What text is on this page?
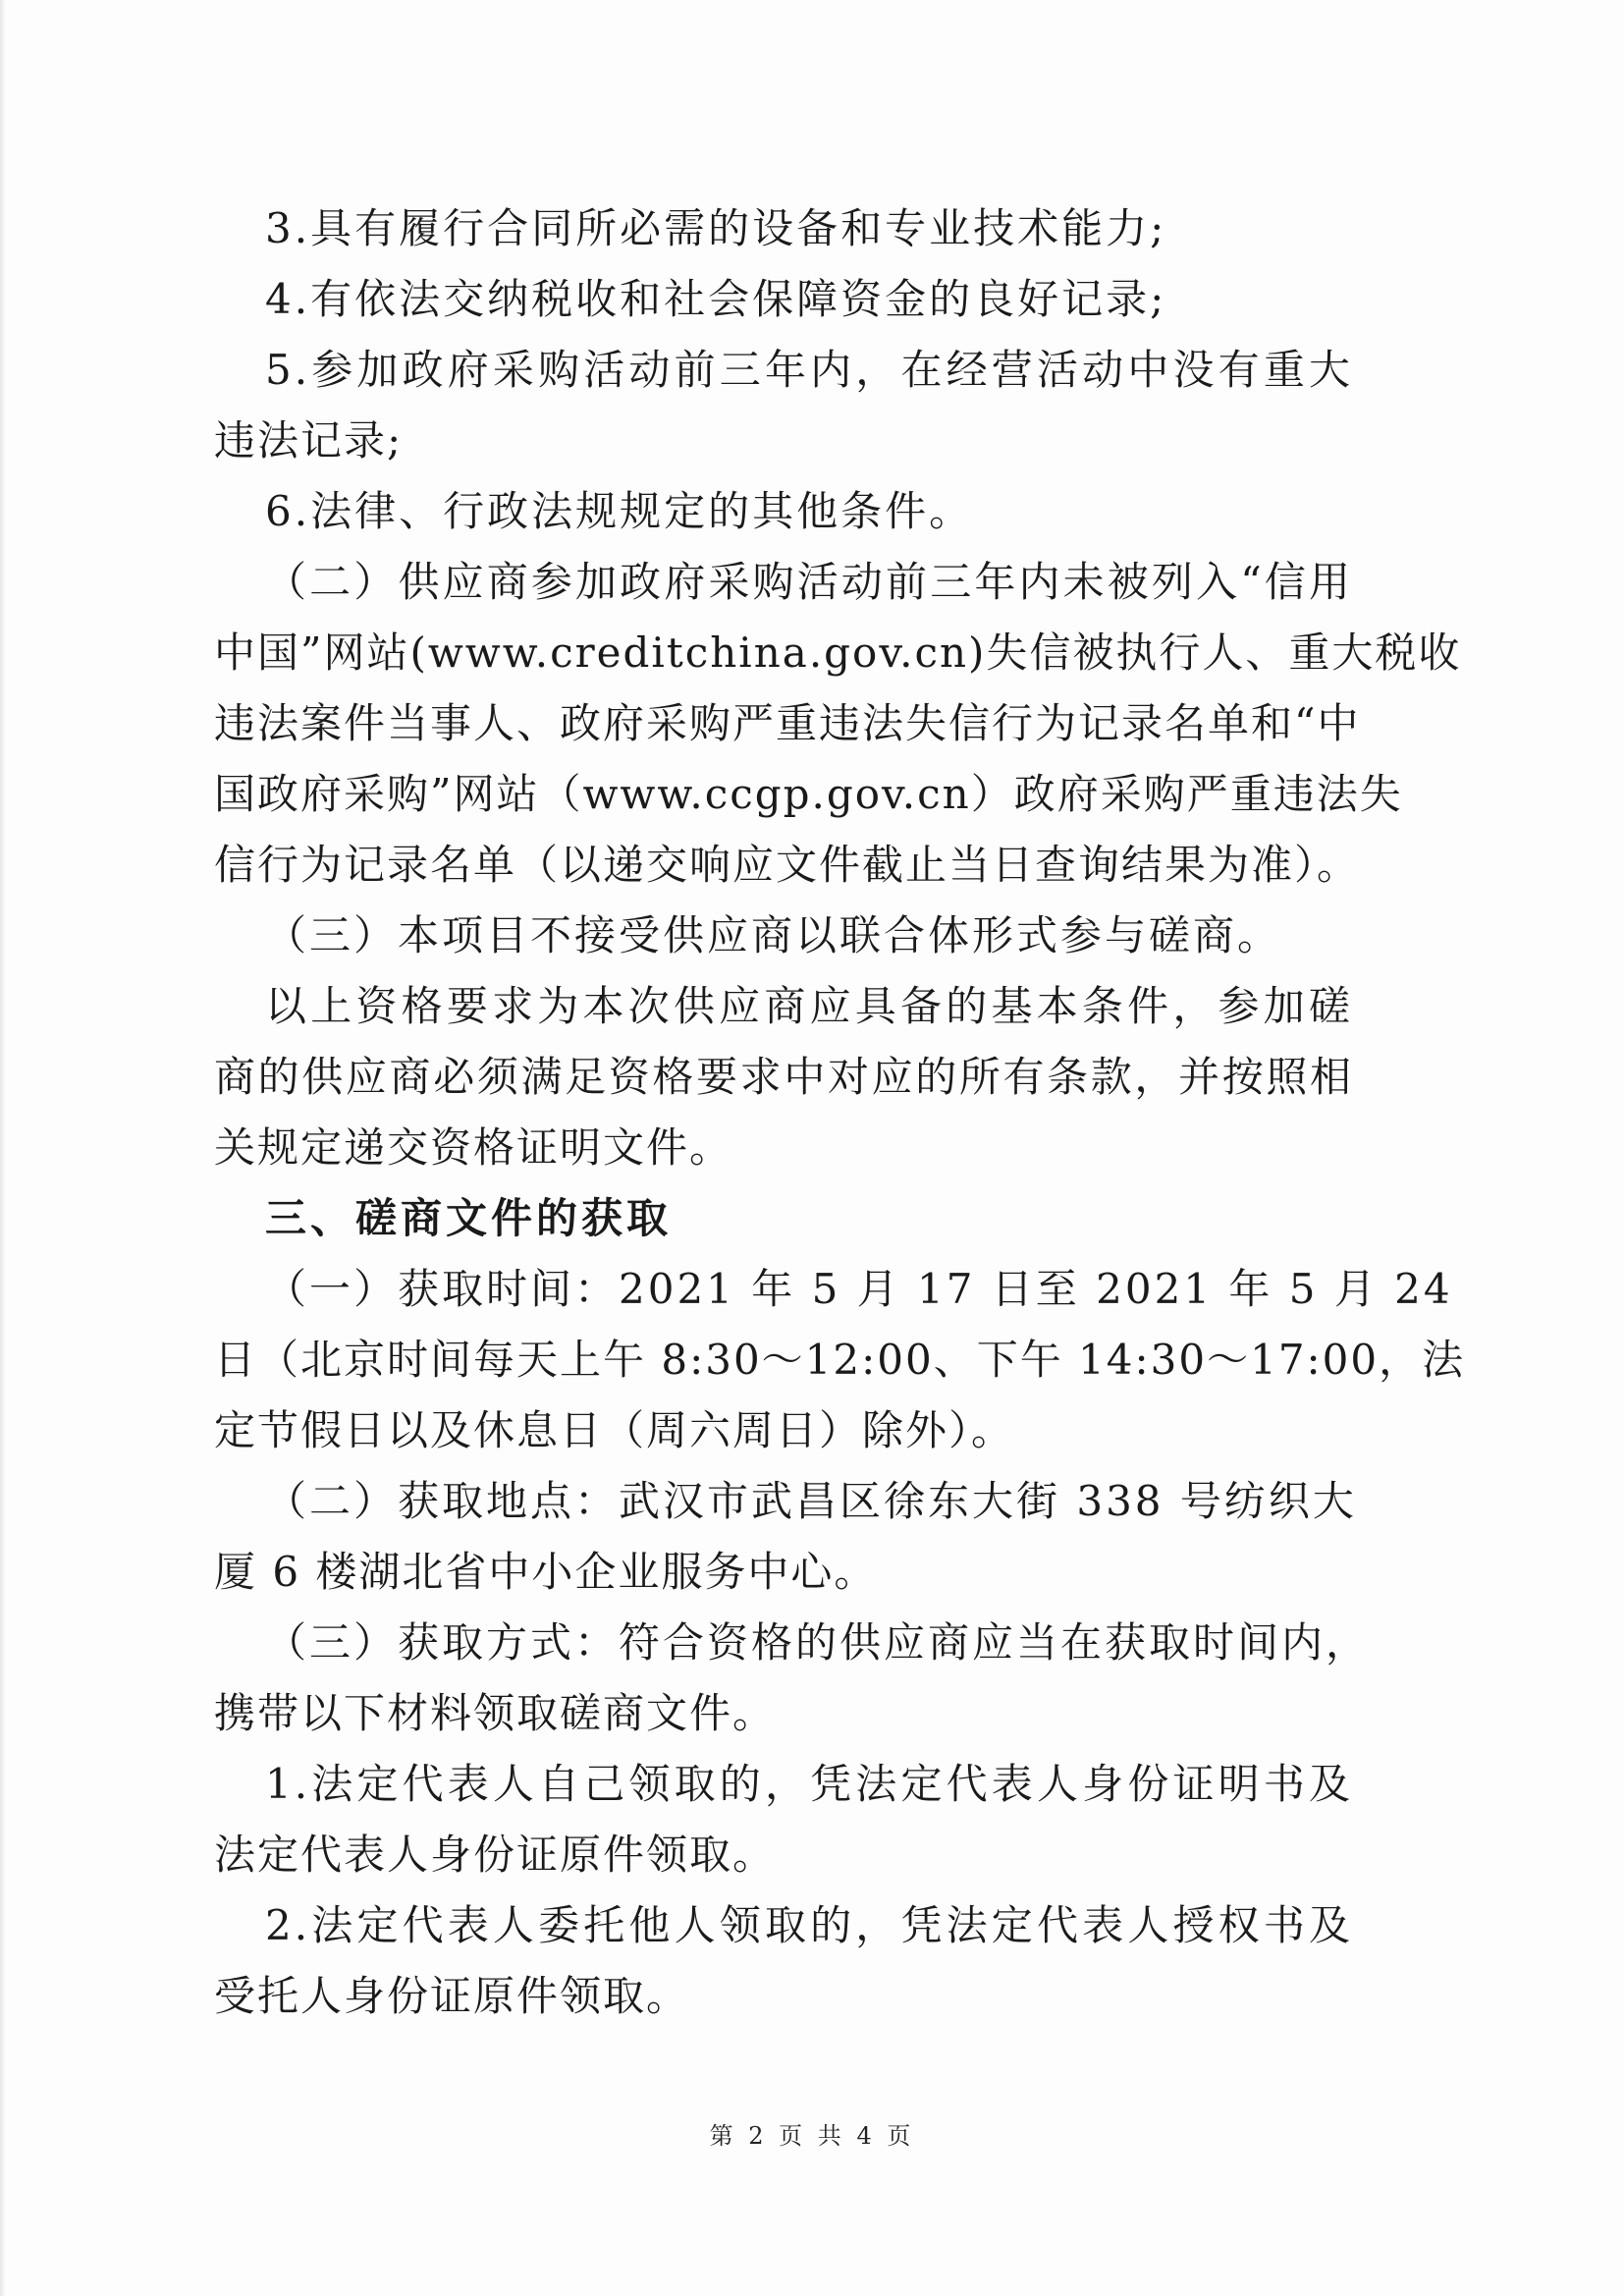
3.具有履行合同所必需的设备和专业技术能力;
4.有依法交纳税收和社会保障资金的良好记录;
5.参加政府采购活动前三年内，在经营活动中没有重大
违法记录;
6.法律、行政法规规定的其他条件。
（二）供应商参加政府采购活动前三年内未被列入“信用
中国”网站(www.creditchina.gov.cn)失信被执行人、重大税收
违法案件当事人、政府采购严重违法失信行为记录名单和“中
国政府采购”网站（www.ccgp.gov.cn）政府采购严重违法失
信行为记录名单（以递交响应文件截止当日查询结果为准）。
（三）本项目不接受供应商以联合体形式参与磋商。
以上资格要求为本次供应商应具备的基本条件，参加磋
商的供应商必须满足资格要求中对应的所有条款，并按照相
关规定递交资格证明文件。
三、磋商文件的获取
（一）获取时间：2021 年 5 月 17 日至 2021 年 5 月 24
日（北京时间每天上午 8:30～12:00、下午 14:30～17:00，法
定节假日以及休息日（周六周日）除外）。
（二）获取地点：武汉市武昌区徐东大街 338 号纺织大
厦 6 楼湖北省中小企业服务中心。
（三）获取方式：符合资格的供应商应当在获取时间内，
携带以下材料领取磋商文件。
1.法定代表人自己领取的，凭法定代表人身份证明书及
法定代表人身份证原件领取。
2.法定代表人委托他人领取的，凭法定代表人授权书及
受托人身份证原件领取。
第 2 页 共 4 页
